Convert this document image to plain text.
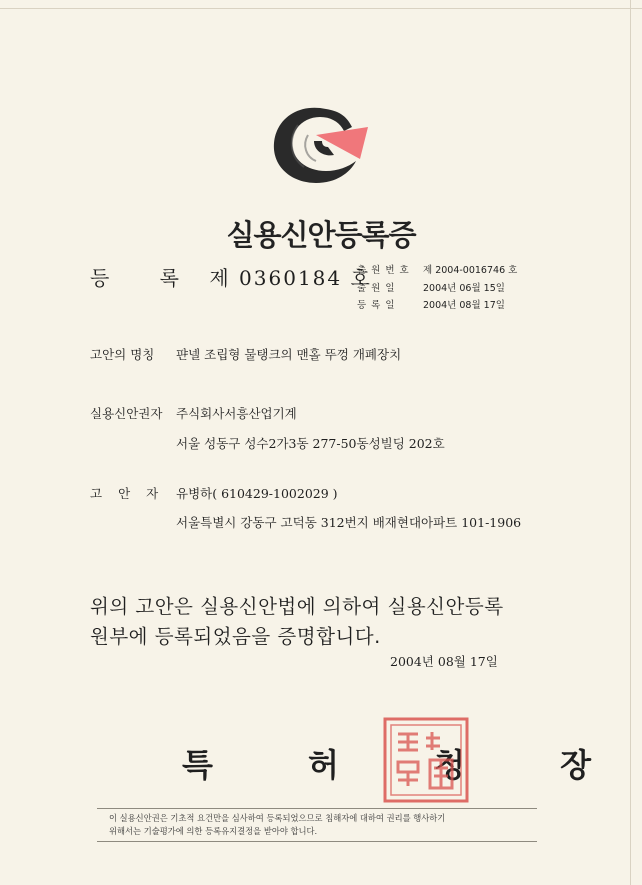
실용신안등록증
등 록 제 0360184 호
출원번호 제 2004-0016746 호
출원일	2004년 06월 15일
등록일	2004년 08월 17일
고안의 명칭 퍈넬 조립형 물탱크의 맨홀 뚜껑 개폐장치
실용신안권자 주식회사서흥산업기계
서울 성동구 성수2가3동 277-50동성빌딩 202호
고안자 유병하( 610429-1002029 )
서울특별시 강동구 고덕동 312번지 배재현대아파트 101-1906
위의 고안은 실용신안법에 의하여 실용신안등록
원부에 등록되었음을 증명합니다.
2004년 08월 17일
특 허 청 장
이 실용신안권은 기초적 요건만을 심사하여 등록되었으므로 침해자에 대하여 권리를 행사하기
위해서는 기술평가에 의한 등록유지결정을 받아야 합니다.
